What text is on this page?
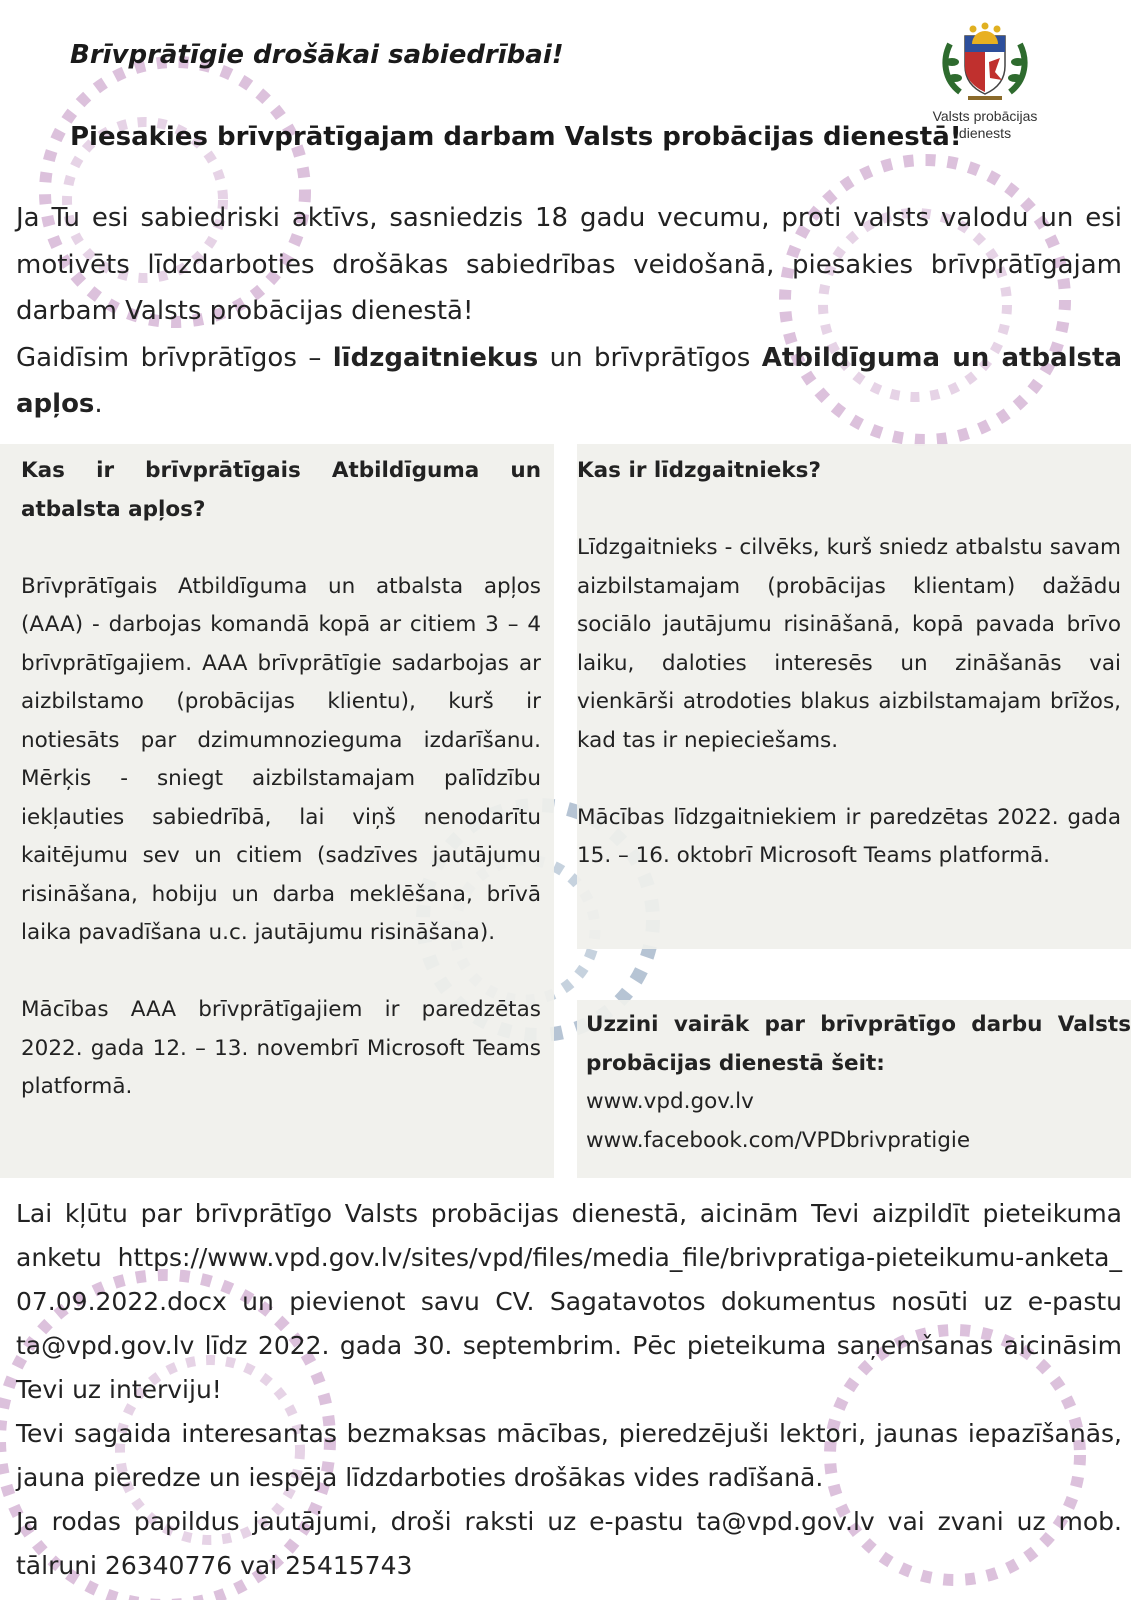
Brīvprātīgie drošākai sabiedrībai!
Piesakies brīvprātīgajam darbam Valsts probācijas dienestā!
Valsts probācijas
dienests

Ja Tu esi sabiedriski aktīvs, sasniedzis 18 gadu vecumu, proti valsts valodu un esi motivēts līdzdarboties drošākas sabiedrības veidošanā, piesakies brīvprātīgajam darbam Valsts probācijas dienestā!

Gaidīsim brīvprātīgos – līdzgaitniekus un brīvprātīgos Atbildīguma un atbalsta apļos.

Kas ir brīvprātīgais Atbildīguma un atbalsta apļos?

Brīvprātīgais Atbildīguma un atbalsta apļos (AAA) - darbojas komandā kopā ar citiem 3 – 4 brīvprātīgajiem. AAA brīvprātīgie sadarbojas ar aizbilstamo (probācijas klientu), kurš ir notiesāts par dzimumnozieguma izdarīšanu. Mērķis - sniegt aizbilstamajam palīdzību iekļauties sabiedrībā, lai viņš nenodarītu kaitējumu sev un citiem (sadzīves jautājumu risināšana, hobiju un darba meklēšana, brīvā laika pavadīšana u.c. jautājumu risināšana).

Mācības AAA brīvprātīgajiem ir paredzētas 2022. gada 12. – 13. novembrī Microsoft Teams platformā.

Kas ir līdzgaitnieks?

Līdzgaitnieks - cilvēks, kurš sniedz atbalstu savam aizbilstamajam (probācijas klientam) dažādu sociālo jautājumu risināšanā, kopā pavada brīvo laiku, daloties interesēs un zināšanās vai vienkārši atrodoties blakus aizbilstamajam brīžos, kad tas ir nepieciešams.

Mācības līdzgaitniekiem ir paredzētas 2022. gada 15. – 16. oktobrī Microsoft Teams platformā.

Uzzini vairāk par brīvprātīgo darbu Valsts probācijas dienestā šeit:

www.vpd.gov.lv

www.facebook.com/VPDbrivpratigie

Lai kļūtu par brīvprātīgo Valsts probācijas dienestā, aicinām Tevi aizpildīt pieteikuma anketu https://www.vpd.gov.lv/sites/vpd/files/media_file/brivpratiga-pieteikumu-anketa_07.09.2022.docx un pievienot savu CV. Sagatavotos dokumentus nosūti uz e-pastu ta@vpd.gov.lv līdz 2022. gada 30. septembrim. Pēc pieteikuma saņemšanas aicināsim Tevi uz interviju!

Tevi sagaida interesantas bezmaksas mācības, pieredzējuši lektori, jaunas iepazīšanās, jauna pieredze un iespēja līdzdarboties drošākas vides radīšanā.

Ja rodas papildus jautājumi, droši raksti uz e-pastu ta@vpd.gov.lv vai zvani uz mob. tālruni 26340776 vai 25415743
